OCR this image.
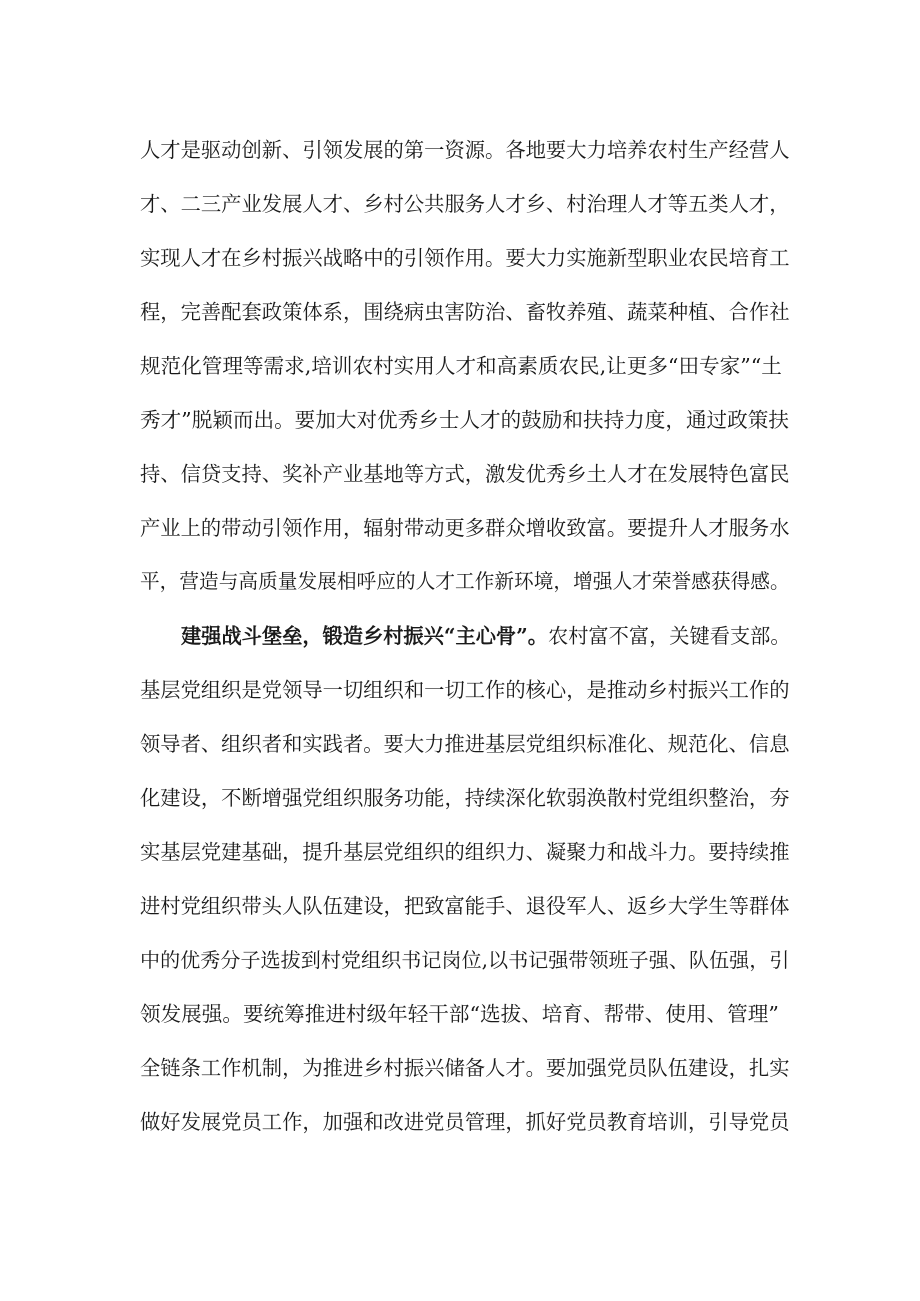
人才是驱动创新、引领发展的第一资源。各地要大力培养农村生产经营人
才、二三产业发展人才、乡村公共服务人才乡、村治理人才等五类人才，
实现人才在乡村振兴战略中的引领作用。要大力实施新型职业农民培育工
程，完善配套政策体系，围绕病虫害防治、畜牧养殖、蔬菜种植、合作社
规范化管理等需求,培训农村实用人才和高素质农民,让更多“田专家”“土
秀才”脱颖而出。要加大对优秀乡士人才的鼓励和扶持力度，通过政策扶
持、信贷支持、奖补产业基地等方式，激发优秀乡土人才在发展特色富民
产业上的带动引领作用，辐射带动更多群众增收致富。要提升人才服务水
平，营造与高质量发展相呼应的人才工作新环境，增强人才荣誉感获得感。
建强战斗堡垒，锻造乡村振兴“主心骨”。农村富不富，关键看支部。
基层党组织是党领导一切组织和一切工作的核心，是推动乡村振兴工作的
领导者、组织者和实践者。要大力推进基层党组织标准化、规范化、信息
化建设，不断增强党组织服务功能，持续深化软弱涣散村党组织整治，夯
实基层党建基础，提升基层党组织的组织力、凝聚力和战斗力。要持续推
进村党组织带头人队伍建设，把致富能手、退役军人、返乡大学生等群体
中的优秀分子选拔到村党组织书记岗位,以书记强带领班子强、队伍强，引
领发展强。要统筹推进村级年轻干部“选拔、培育、帮带、使用、管理”
全链条工作机制，为推进乡村振兴储备人才。要加强党员队伍建设，扎实
做好发展党员工作，加强和改进党员管理，抓好党员教育培训，引导党员
